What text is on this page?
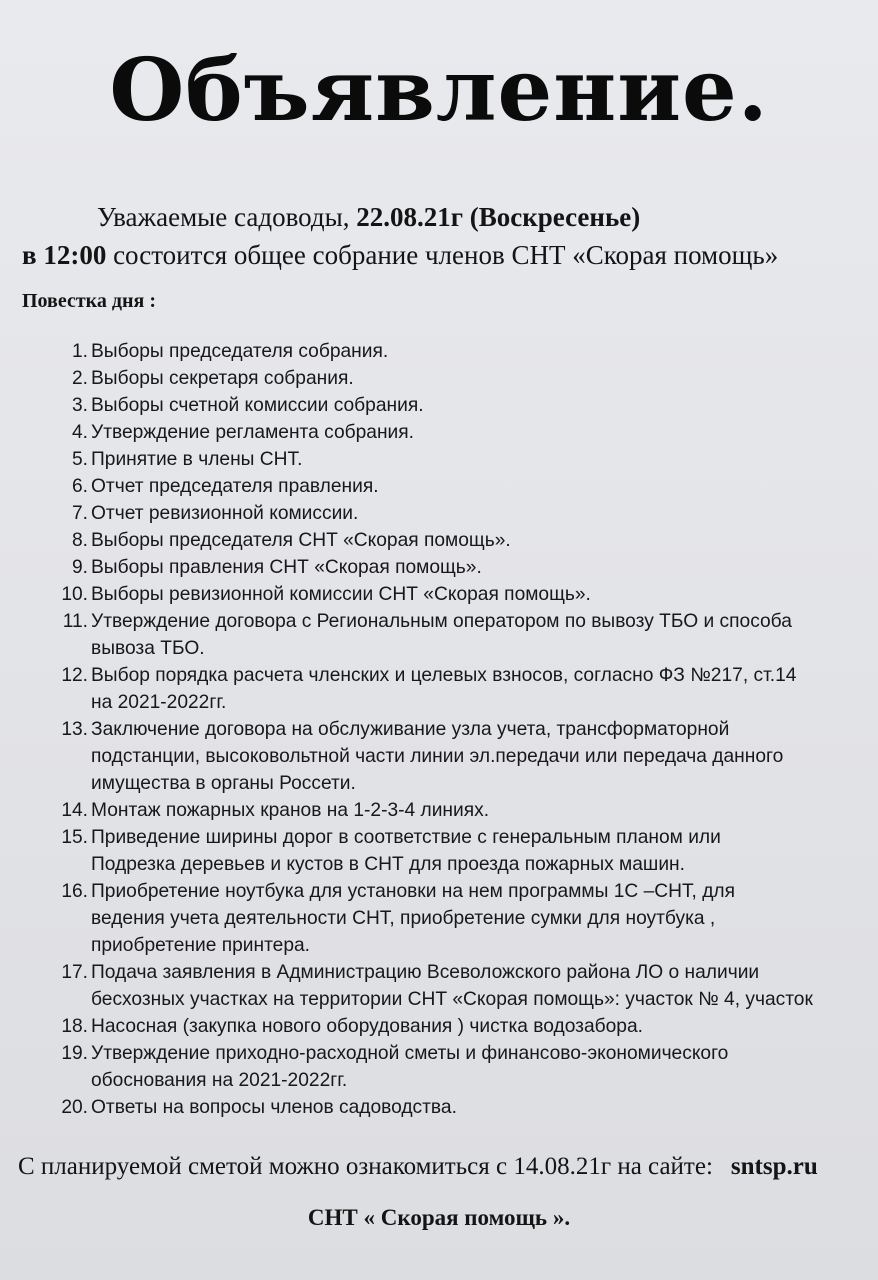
Объявление.
Уважаемые садоводы, 22.08.21г (Воскресенье)
в 12:00 состоится общее собрание членов СНТ «Скорая помощь»
Повестка дня :
1. Выборы председателя собрания.
2. Выборы секретаря собрания.
3. Выборы счетной комиссии собрания.
4. Утверждение регламента собрания.
5. Принятие в члены СНТ.
6. Отчет председателя правления.
7. Отчет ревизионной комиссии.
8. Выборы председателя СНТ «Скорая помощь».
9. Выборы правления СНТ «Скорая помощь».
10. Выборы ревизионной комиссии СНТ «Скорая помощь».
11. Утверждение договора с Региональным оператором по вывозу ТБО и способа
вывоза ТБО.
12. Выбор порядка расчета членских и целевых взносов, согласно ФЗ №217, ст.14
на 2021-2022гг.
13. Заключение договора на обслуживание узла учета, трансформаторной
подстанции, высоковольтной части линии эл.передачи или передача данного
имущества в органы Россети.
14. Монтаж пожарных кранов на 1-2-3-4 линиях.
15. Приведение ширины дорог в соответствие с генеральным планом или
Подрезка деревьев и кустов в СНТ для проезда пожарных машин.
16. Приобретение ноутбука для установки на нем программы 1С –СНТ, для
ведения учета деятельности СНТ, приобретение сумки для ноутбука ,
приобретение принтера.
17. Подача заявления в Администрацию Всеволожского района ЛО о наличии
бесхозных участках на территории СНТ «Скорая помощь»: участок № 4, участок
18. Насосная (закупка нового оборудования ) чистка водозабора.
19. Утверждение приходно-расходной сметы и финансово-экономического
обоснования на 2021-2022гг.
20. Ответы на вопросы членов садоводства.
С планируемой сметой можно ознакомиться с 14.08.21г на сайте: sntsp.ru
СНТ « Скорая помощь ».
